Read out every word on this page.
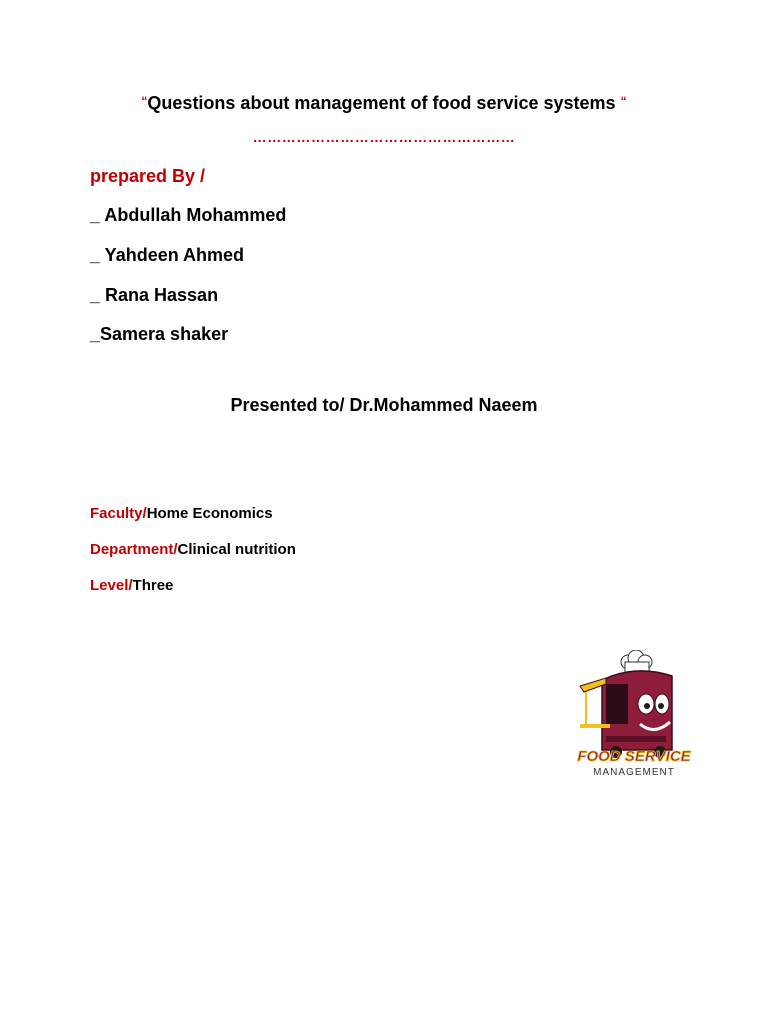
“Questions about management of food service systems “
………………………………………………
prepared By /
_ Abdullah Mohammed
_ Yahdeen Ahmed
_ Rana Hassan
_Samera shaker
Presented to/ Dr.Mohammed Naeem
Faculty/Home Economics
Department/Clinical nutrition
Level/Three
FOOD SERVICE
MANAGEMENT
